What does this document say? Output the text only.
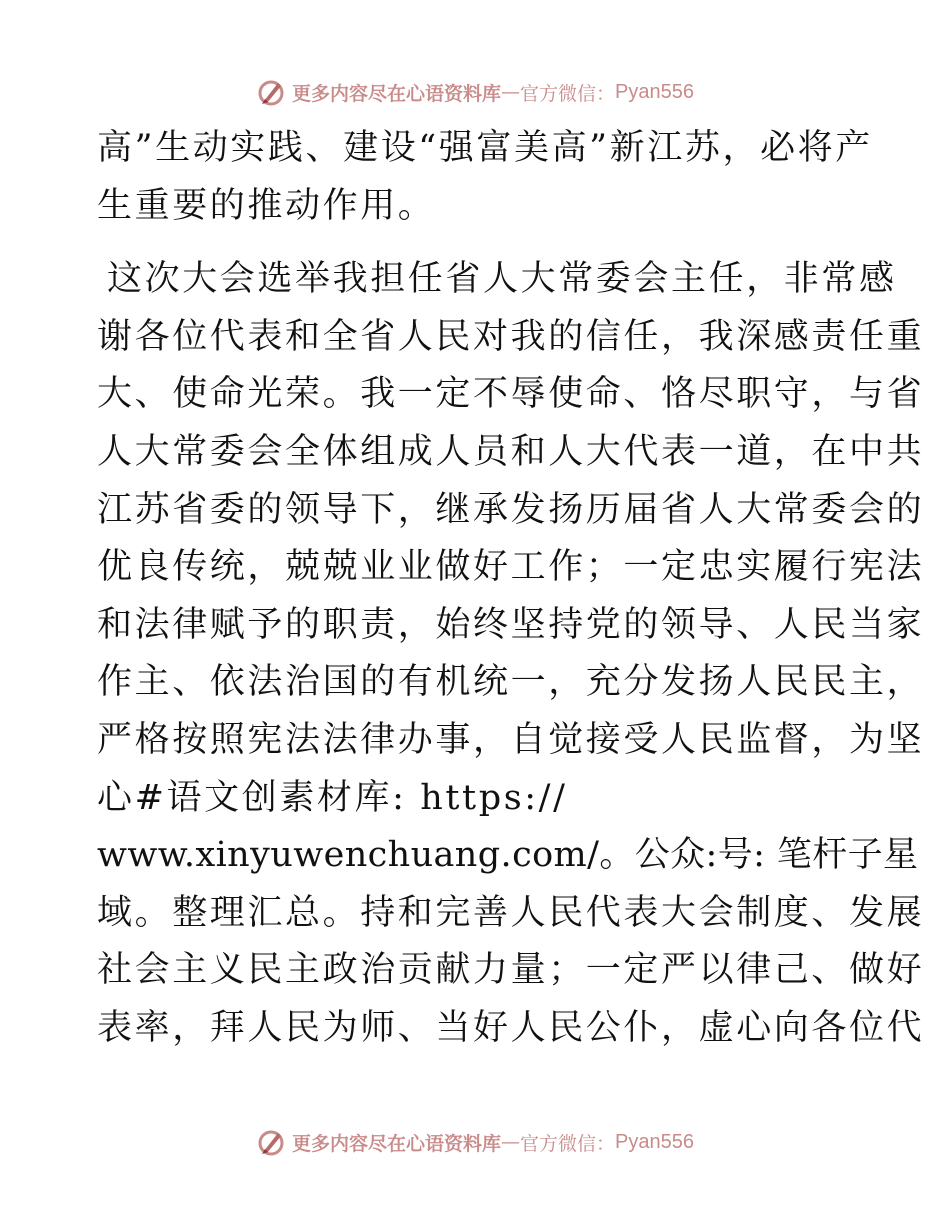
更多内容尽在心语资料库 — 官方微信： Pyan556
高”生动实践、建设“强富美高”新江苏，必将产
生重要的推动作用。
这次大会选举我担任省人大常委会主任，非常感
谢各位代表和全省人民对我的信任，我深感责任重
大、使命光荣。我一定不辱使命、恪尽职守，与省
人大常委会全体组成人员和人大代表一道，在中共
江苏省委的领导下，继承发扬历届省人大常委会的
优良传统，兢兢业业做好工作；一定忠实履行宪法
和法律赋予的职责，始终坚持党的领导、人民当家
作主、依法治国的有机统一，充分发扬人民民主，
严格按照宪法法律办事，自觉接受人民监督，为坚
心#语文创素材库: https://
www.xinyuwenchuang.com/。公众:号: 笔杆子星
域。整理汇总。持和完善人民代表大会制度、发展
社会主义民主政治贡献力量；一定严以律己、做好
表率，拜人民为师、当好人民公仆，虚心向各位代
更多内容尽在心语资料库 — 官方微信： Pyan556
